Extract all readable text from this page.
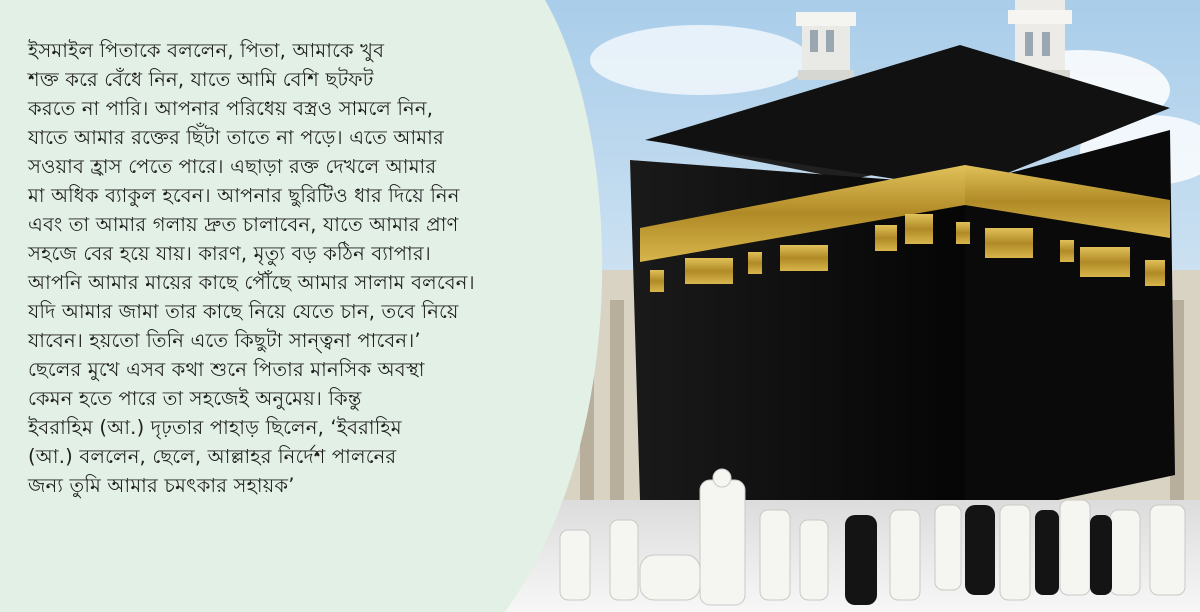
ইসমাইল পিতাকে বললেন, পিতা, আমাকে খুব
শক্ত করে বেঁধে নিন, যাতে আমি বেশি ছটফট
করতে না পারি। আপনার পরিধেয় বস্ত্রও সামলে নিন,
যাতে আমার রক্তের ছিঁটা তাতে না পড়ে। এতে আমার
সওয়াব হ্রাস পেতে পারে। এছাড়া রক্ত দেখলে আমার
মা অধিক ব্যাকুল হবেন। আপনার ছুরিটিও ধার দিয়ে নিন
এবং তা আমার গলায় দ্রুত চালাবেন, যাতে আমার প্রাণ
সহজে বের হয়ে যায়। কারণ, মৃত্যু বড় কঠিন ব্যাপার।
আপনি আমার মায়ের কাছে পৌঁছে আমার সালাম বলবেন।
যদি আমার জামা তার কাছে নিয়ে যেতে চান, তবে নিয়ে
যাবেন। হয়তো তিনি এতে কিছুটা সান্ত্বনা পাবেন।’
ছেলের মুখে এসব কথা শুনে পিতার মানসিক অবস্থা
কেমন হতে পারে তা সহজেই অনুমেয়। কিন্তু
ইবরাহিম (আ.) দৃঢ়তার পাহাড় ছিলেন, ‘ইবরাহিম
(আ.) বললেন, ছেলে, আল্লাহর নির্দেশ পালনের
জন্য তুমি আমার চমৎকার সহায়ক’
